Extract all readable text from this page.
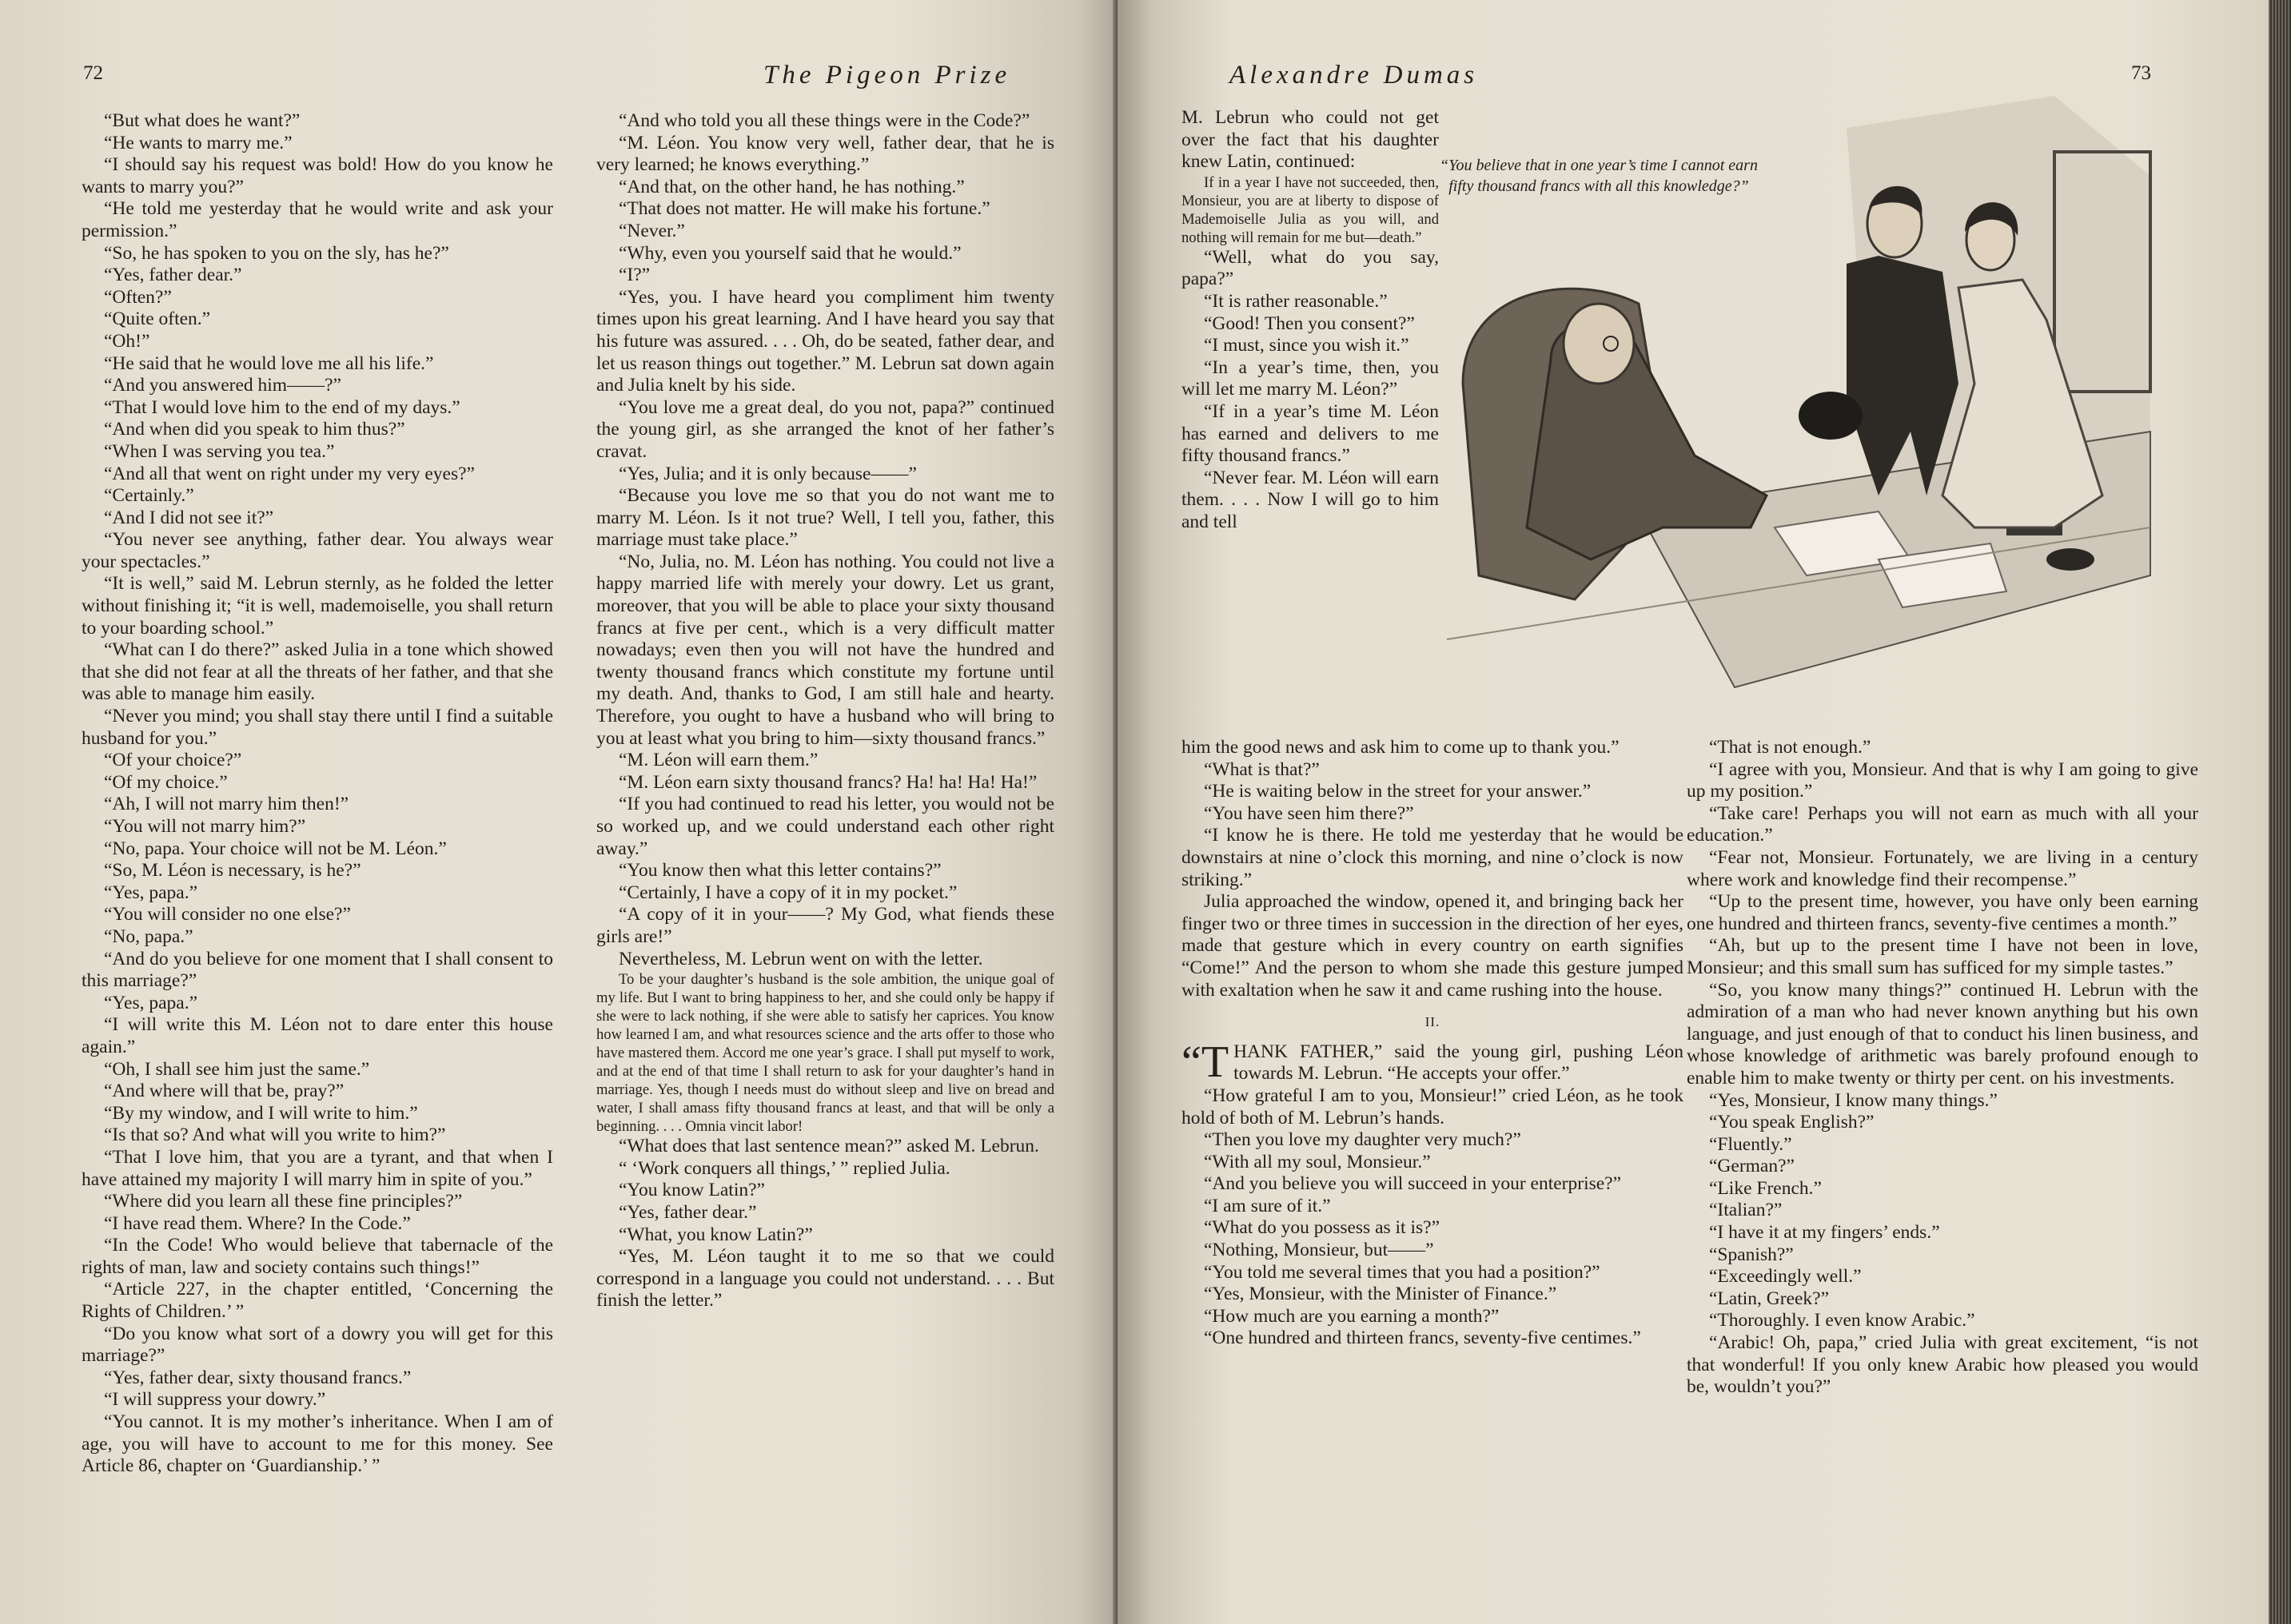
72	The Pigeon Prize

“But what does he want?”

“He wants to marry me.”

“I should say his request was bold! How do you know he wants to marry you?”

“He told me yesterday that he would write and ask your permission.”

“So, he has spoken to you on the sly, has he?”

“Yes, father dear.”

“Often?”

“Quite often.”

“Oh!”

“He said that he would love me all his life.”

“And you answered him——?”

“That I would love him to the end of my days.”

“And when did you speak to him thus?”

“When I was serving you tea.”

“And all that went on right under my very eyes?”

“Certainly.”

“And I did not see it?”

“You never see anything, father dear. You always wear your spectacles.”

“It is well,” said M. Lebrun sternly, as he folded the letter without finishing it; “it is well, mademoiselle, you shall return to your boarding school.”

“What can I do there?” asked Julia in a tone which showed that she did not fear at all the threats of her father, and that she was able to manage him easily.

“Never you mind; you shall stay there until I find a suitable husband for you.”

“Of your choice?”

“Of my choice.”

“Ah, I will not marry him then!”

“You will not marry him?”

“No, papa. Your choice will not be M. Léon.”

“So, M. Léon is necessary, is he?”

“Yes, papa.”

“You will consider no one else?”

“No, papa.”

“And do you believe for one moment that I shall consent to this marriage?”

“Yes, papa.”

“I will write this M. Léon not to dare enter this house again.”

“Oh, I shall see him just the same.”

“And where will that be, pray?”

“By my window, and I will write to him.”

“Is that so? And what will you write to him?”

“That I love him, that you are a tyrant, and that when I have attained my majority I will marry him in spite of you.”

“Where did you learn all these fine principles?”

“I have read them. Where? In the Code.”

“In the Code! Who would believe that tabernacle of the rights of man, law and society contains such things!”

“Article 227, in the chapter entitled, ‘Concerning the Rights of Children.’ ”

“Do you know what sort of a dowry you will get for this marriage?”

“Yes, father dear, sixty thousand francs.”

“I will suppress your dowry.”

“You cannot. It is my mother’s inheritance. When I am of age, you will have to account to me for this money. See Article 86, chapter on ‘Guardianship.’ ”

“And who told you all these things were in the Code?”

“M. Léon. You know very well, father dear, that he is very learned; he knows everything.”

“And that, on the other hand, he has nothing.”

“That does not matter. He will make his fortune.”

“Never.”

“Why, even you yourself said that he would.”

“I?”

“Yes, you. I have heard you compliment him twenty times upon his great learning. And I have heard you say that his future was assured. . . . Oh, do be seated, father dear, and let us reason things out together.” M. Lebrun sat down again and Julia knelt by his side.

“You love me a great deal, do you not, papa?” continued the young girl, as she arranged the knot of her father’s cravat.

“Yes, Julia; and it is only because——”

“Because you love me so that you do not want me to marry M. Léon. Is it not true? Well, I tell you, father, this marriage must take place.”

“No, Julia, no. M. Léon has nothing. You could not live a happy married life with merely your dowry. Let us grant, moreover, that you will be able to place your sixty thousand francs at five per cent., which is a very difficult matter nowadays; even then you will not have the hundred and twenty thousand francs which constitute my fortune until my death. And, thanks to God, I am still hale and hearty. Therefore, you ought to have a husband who will bring to you at least what you bring to him—sixty thousand francs.”

“M. Léon will earn them.”

“M. Léon earn sixty thousand francs? Ha! ha! Ha! Ha!”

“If you had continued to read his letter, you would not be so worked up, and we could understand each other right away.”

“You know then what this letter contains?”

“Certainly, I have a copy of it in my pocket.”

“A copy of it in your——? My God, what fiends these girls are!”

Nevertheless, M. Lebrun went on with the letter.

To be your daughter’s husband is the sole ambition, the unique goal of my life. But I want to bring happiness to her, and she could only be happy if she were to lack nothing, if she were able to satisfy her caprices. You know how learned I am, and what resources science and the arts offer to those who have mastered them. Accord me one year’s grace. I shall put myself to work, and at the end of that time I shall return to ask for your daughter’s hand in marriage. Yes, though I needs must do without sleep and live on bread and water, I shall amass fifty thousand francs at least, and that will be only a beginning. . . . Omnia vincit labor!

“What does that last sentence mean?” asked M. Lebrun.

“ ‘Work conquers all things,’ ” replied Julia.

“You know Latin?”

“Yes, father dear.”

“What, you know Latin?”

“Yes, M. Léon taught it to me so that we could correspond in a language you could not understand. . . . But finish the letter.”

Alexandre Dumas	73

M. Lebrun who could not get over the fact that his daughter knew Latin, continued:

If in a year I have not succeeded, then, Monsieur, you are at liberty to dispose of Mademoiselle Julia as you will, and nothing will remain for me but—death.”

“Well, what do you say, papa?”

“It is rather reasonable.”

“Good! Then you consent?”

“I must, since you wish it.”

“In a year’s time, then, you will let me marry M. Léon?”

“If in a year’s time M. Léon has earned and delivers to me fifty thousand francs.”

“Never fear. M. Léon will earn them. . . . Now I will go to him and tell

him the good news and ask him to come up to thank you.”

“What is that?”

“He is waiting below in the street for your answer.”

“You have seen him there?”

“I know he is there. He told me yesterday that he would be downstairs at nine o’clock this morning, and nine o’clock is now striking.”

Julia approached the window, opened it, and bringing back her finger two or three times in succession in the direction of her eyes, made that gesture which in every country on earth signifies “Come!” And the person to whom she made this gesture jumped with exaltation when he saw it and came rushing into the house.

II.

“THANK FATHER,” said the young girl, pushing Léon towards M. Lebrun. “He accepts your offer.”

“How grateful I am to you, Monsieur!” cried Léon, as he took hold of both of M. Lebrun’s hands.

“Then you love my daughter very much?”

“With all my soul, Monsieur.”

“And you believe you will succeed in your enterprise?”

“I am sure of it.”

“What do you possess as it is?”

“Nothing, Monsieur, but——”

“You told me several times that you had a position?”

“Yes, Monsieur, with the Minister of Finance.”

“How much are you earning a month?”

“One hundred and thirteen francs, seventy-five centimes.”

“That is not enough.”

“I agree with you, Monsieur. And that is why I am going to give up my position.”

“Take care! Perhaps you will not earn as much with all your education.”

“Fear not, Monsieur. Fortunately, we are living in a century where work and knowledge find their recompense.”

“Up to the present time, however, you have only been earning one hundred and thirteen francs, seventy-five centimes a month.”

“Ah, but up to the present time I have not been in love, Monsieur; and this small sum has sufficed for my simple tastes.”

“So, you know many things?” continued H. Lebrun with the admiration of a man who had never known anything but his own language, and just enough of that to conduct his linen business, and whose knowledge of arithmetic was barely profound enough to enable him to make twenty or thirty per cent. on his investments.

“Yes, Monsieur, I know many things.”

“You speak English?”

“Fluently.”

“German?”

“Like French.”

“Italian?”

“I have it at my fingers’ ends.”

“Spanish?”

“Exceedingly well.”

“Latin, Greek?”

“Thoroughly. I even know Arabic.”

“Arabic! Oh, papa,” cried Julia with great excitement, “is not that wonderful! If you only knew Arabic how pleased you would be, wouldn’t you?”

“You believe that in one year’s time I cannot earn fifty thousand francs with all this knowledge?”
